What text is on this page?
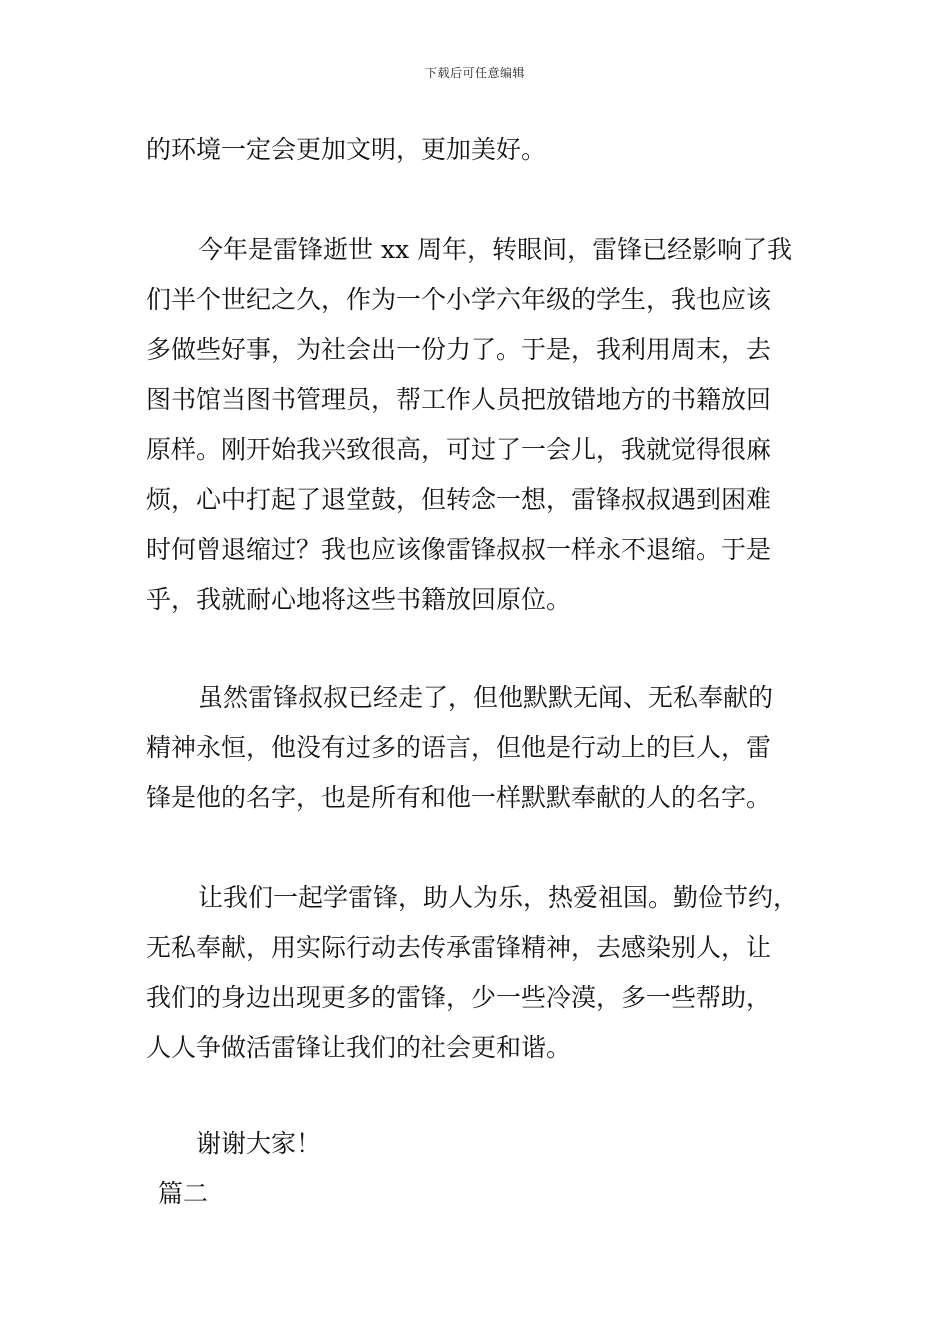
下载后可任意编辑
的环境一定会更加文明，更加美好。
今年是雷锋逝世 xx 周年，转眼间，雷锋已经影响了我
们半个世纪之久，作为一个小学六年级的学生，我也应该
多做些好事，为社会出一份力了。于是，我利用周末，去
图书馆当图书管理员，帮工作人员把放错地方的书籍放回
原样。刚开始我兴致很高，可过了一会儿，我就觉得很麻
烦，心中打起了退堂鼓，但转念一想，雷锋叔叔遇到困难
时何曾退缩过？我也应该像雷锋叔叔一样永不退缩。于是
乎，我就耐心地将这些书籍放回原位。
虽然雷锋叔叔已经走了，但他默默无闻、无私奉献的
精神永恒，他没有过多的语言，但他是行动上的巨人，雷
锋是他的名字，也是所有和他一样默默奉献的人的名字。
让我们一起学雷锋，助人为乐，热爱祖国。勤俭节约，
无私奉献，用实际行动去传承雷锋精神，去感染别人，让
我们的身边出现更多的雷锋，少一些冷漠，多一些帮助，
人人争做活雷锋让我们的社会更和谐。
谢谢大家！
篇二
